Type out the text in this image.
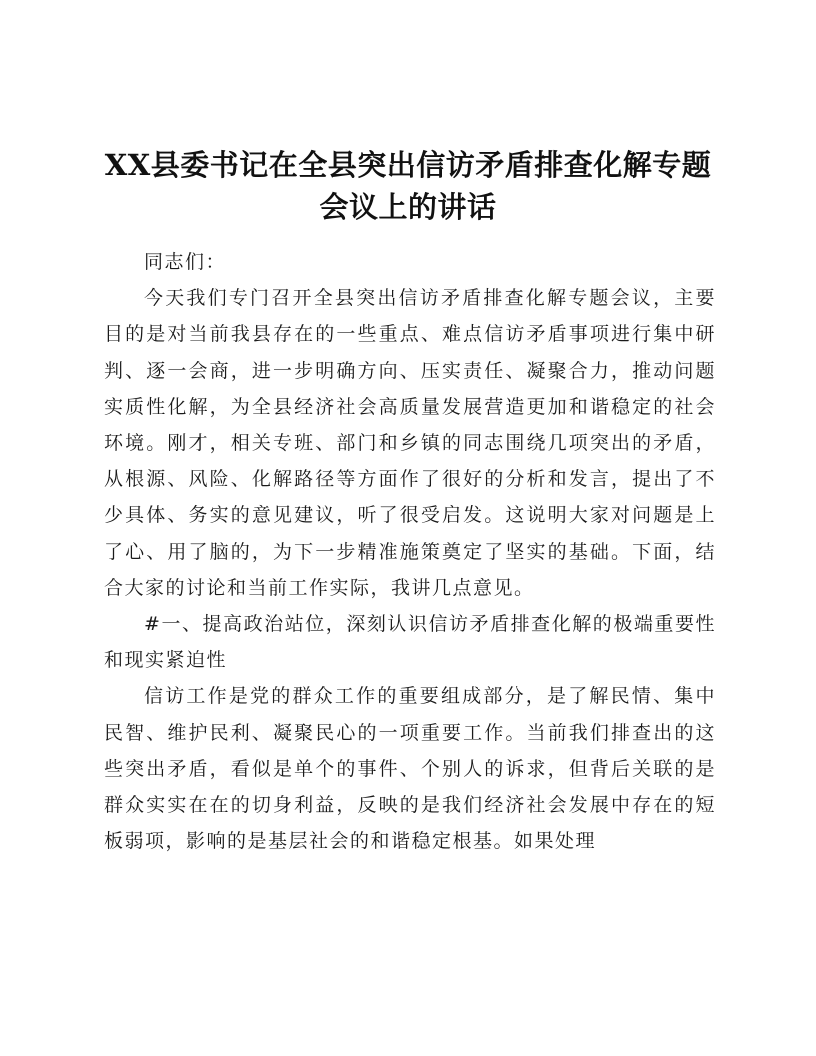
XX县委书记在全县突出信访矛盾排查化解专题
会议上的讲话

同志们：

今天我们专门召开全县突出信访矛盾排查化解专题会议，主要目的是对当前我县存在的一些重点、难点信访矛盾事项进行集中研判、逐一会商，进一步明确方向、压实责任、凝聚合力，推动问题实质性化解，为全县经济社会高质量发展营造更加和谐稳定的社会环境。刚才，相关专班、部门和乡镇的同志围绕几项突出的矛盾，从根源、风险、化解路径等方面作了很好的分析和发言，提出了不少具体、务实的意见建议，听了很受启发。这说明大家对问题是上了心、用了脑的，为下一步精准施策奠定了坚实的基础。下面，结合大家的讨论和当前工作实际，我讲几点意见。

#一、提高政治站位，深刻认识信访矛盾排查化解的极端重要性和现实紧迫性

信访工作是党的群众工作的重要组成部分，是了解民情、集中民智、维护民利、凝聚民心的一项重要工作。当前我们排查出的这些突出矛盾，看似是单个的事件、个别人的诉求，但背后关联的是群众实实在在的切身利益，反映的是我们经济社会发展中存在的短板弱项，影响的是基层社会的和谐稳定根基。如果处理
